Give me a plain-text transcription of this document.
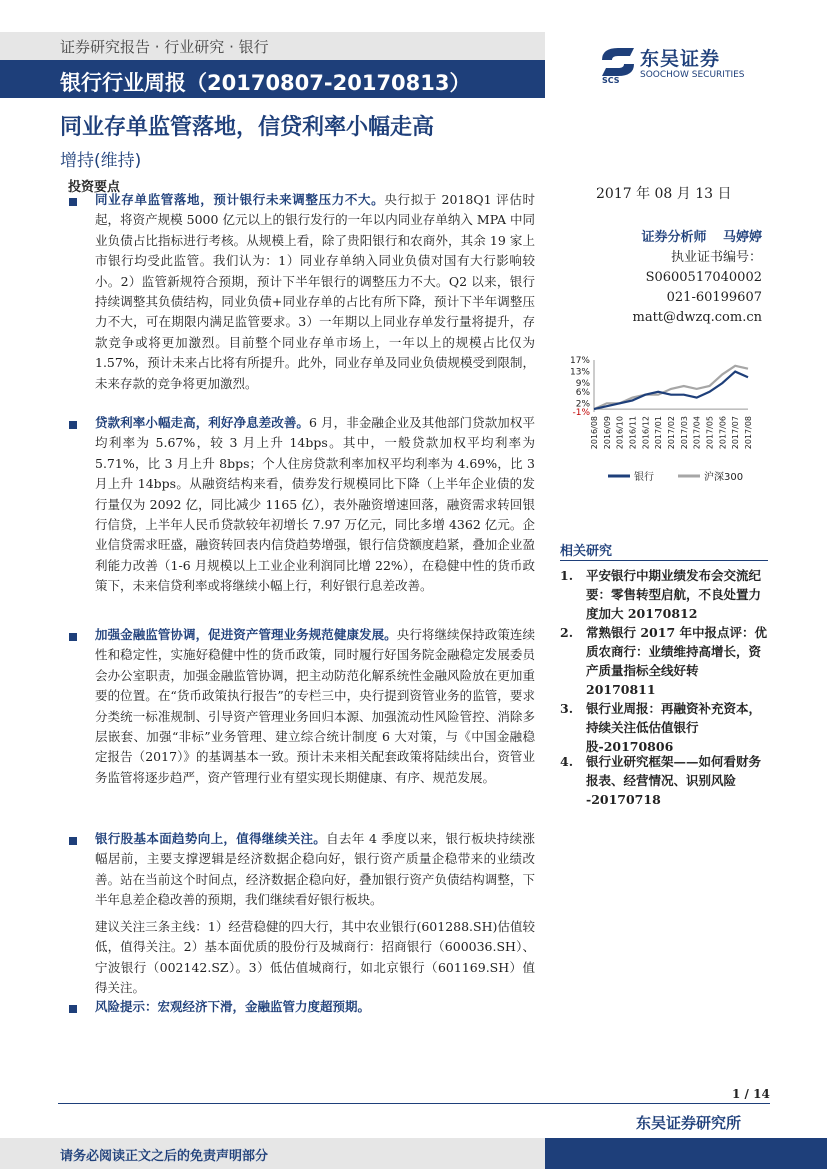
证券研究报告 · 行业研究 · 银行
银行行业周报（20170807-20170813）	SCS
东吴证券
SOOCHOW SECURITIES
同业存单监管落地，信贷利率小幅走高
增持(维持)
投资要点
同业存单监管落地，预计银行未来调整压力不大。央行拟于 2018Q1 评估时起，将资产规模 5000 亿元以上的银行发行的一年以内同业存单纳入 MPA 中同业负债占比指标进行考核。从规模上看，除了贵阳银行和农商外，其余 19 家上市银行均受此监管。我们认为：1）同业存单纳入同业负债对国有大行影响较小。2）监管新规符合预期，预计下半年银行的调整压力不大。Q2 以来，银行持续调整其负债结构，同业负债+同业存单的占比有所下降，预计下半年调整压力不大，可在期限内满足监管要求。3）一年期以上同业存单发行量将提升，存款竞争或将更加激烈。目前整个同业存单市场上，一年以上的规模占比仅为 1.57%，预计未来占比将有所提升。此外，同业存单及同业负债规模受到限制，未来存款的竞争将更加激烈。
贷款利率小幅走高，利好净息差改善。6 月，非金融企业及其他部门贷款加权平均利率为 5.67%，较 3 月上升 14bps。其中，一般贷款加权平均利率为 5.71%，比 3 月上升 8bps；个人住房贷款利率加权平均利率为 4.69%，比 3 月上升 14bps。从融资结构来看，债券发行规模同比下降（上半年企业债的发行量仅为 2092 亿，同比减少 1165 亿），表外融资增速回落，融资需求转回银行信贷，上半年人民币贷款较年初增长 7.97 万亿元，同比多增 4362 亿元。企业信贷需求旺盛，融资转回表内信贷趋势增强，银行信贷额度趋紧，叠加企业盈利能力改善（1-6 月规模以上工业企业利润同比增 22%），在稳健中性的货币政策下，未来信贷利率或将继续小幅上行，利好银行息差改善。
加强金融监管协调，促进资产管理业务规范健康发展。央行将继续保持政策连续性和稳定性，实施好稳健中性的货币政策，同时履行好国务院金融稳定发展委员会办公室职责，加强金融监管协调，把主动防范化解系统性金融风险放在更加重要的位置。在“货币政策执行报告”的专栏三中，央行提到资管业务的监管，要求分类统一标准规制、引导资产管理业务回归本源、加强流动性风险管控、消除多层嵌套、加强“非标”业务管理、建立综合统计制度 6 大对策，与《中国金融稳定报告（2017）》的基调基本一致。预计未来相关配套政策将陆续出台，资管业务监管将逐步趋严，资产管理行业有望实现长期健康、有序、规范发展。
银行股基本面趋势向上，值得继续关注。自去年 4 季度以来，银行板块持续涨幅居前，主要支撑逻辑是经济数据企稳向好，银行资产质量企稳带来的业绩改善。站在当前这个时间点，经济数据企稳向好，叠加银行资产负债结构调整，下半年息差企稳改善的预期，我们继续看好银行板块。
建议关注三条主线：1）经营稳健的四大行，其中农业银行(601288.SH)估值较低，值得关注。2）基本面优质的股份行及城商行：招商银行（600036.SH）、宁波银行（002142.SZ）。3）低估值城商行，如北京银行（601169.SH）值得关注。
风险提示：宏观经济下滑，金融监管力度超预期。
2017 年 08 月 13 日
证券分析师 马婷婷
执业证书编号：S0600517040002
021-60199607
matt@dwzq.com.cn
17%
13%
9%
6%
2%
-1%
2016/08 2016/09 2016/10 2016/11 2016/12 2017/01 2017/02 2017/03 2017/04 2017/05 2017/06 2017/07 2017/08
银行	沪深300
相关研究
1. 平安银行中期业绩发布会交流纪要：零售转型启航，不良处置力度加大 20170812
2. 常熟银行 2017 年中报点评：优质农商行：业绩维持高增长，资产质量指标全线好转 20170811
3. 银行业周报：再融资补充资本，持续关注低估值银行股-20170806
4. 银行业研究框架——如何看财务报表、经营情况、识别风险 -20170718
1 / 14
东吴证券研究所
请务必阅读正文之后的免责声明部分
